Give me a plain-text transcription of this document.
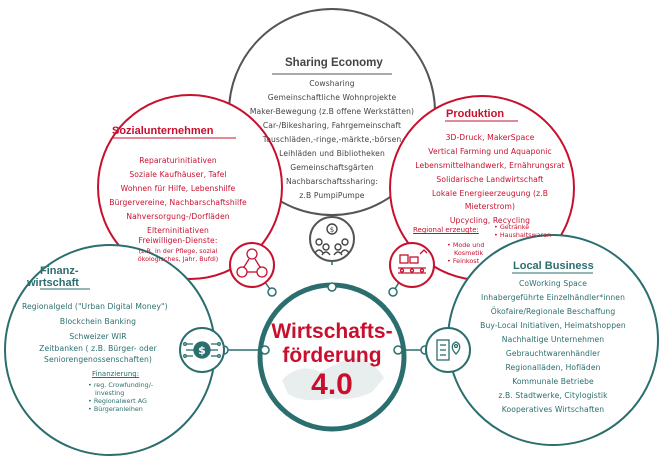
$
$
Sharing Economy
Cowsharing
Gemeinschaftliche Wohnprojekte
Maker-Bewegung (z.B offene Werkstätten)
Car-/Bikesharing, Fahrgemeinschaft
Tauschläden,-ringe,-märkte,-börsen
Leihläden und Bibliotheken
Gemeinschaftsgärten
Nachbarschaftssharing:
z.B PumpiPumpe
Sozialunternehmen
Reparaturinitiativen
Soziale Kaufhäuser, Tafel
Wohnen für Hilfe, Lebenshilfe
Bürgervereine, Nachbarschaftshilfe
Nahversorgung-/Dorfläden
Elterninitiativen
Freiwilligen-Dienste:
(z.B. in der Pflege, sozial
ökologisches, Jahr, Bufdi)
Produktion
3D-Druck, MakerSpace
Vertical Farming und Aquaponic
Lebensmittelhandwerk, Ernährungsrat
Solidarische Landwirtschaft
Lokale Energieerzeugung (z.B
Mieterstrom)
Upcycling, Recycling
Regional erzeugte: • Getränke
• Haushaltswaren
• Mode und
Kosmetik
• Feinkost
Finanz-
wirtschaft
Regionalgeld ("Urban Digital Money")
Blockchein Banking
Schweizer WIR
Zeitbanken ( z.B. Bürger- oder
Seniorengenossenschaften)
Finanzierung:
• reg. Crowfunding/-
investing
• Regionalwert AG
• Bürgeranleihen
Local Business
CoWorking Space
Inhabergeführte Einzelhändler*innen
Ökofaire/Regionale Beschaffung
Buy-Local Initiativen, Heimatshoppen
Nachhaltige Unternehmen
Gebrauchtwarenhändler
Regionalläden, Hofläden
Kommunale Betriebe
z.B. Stadtwerke, Citylogistik
Kooperatives Wirtschaften
Wirtschafts-
förderung
4.0
